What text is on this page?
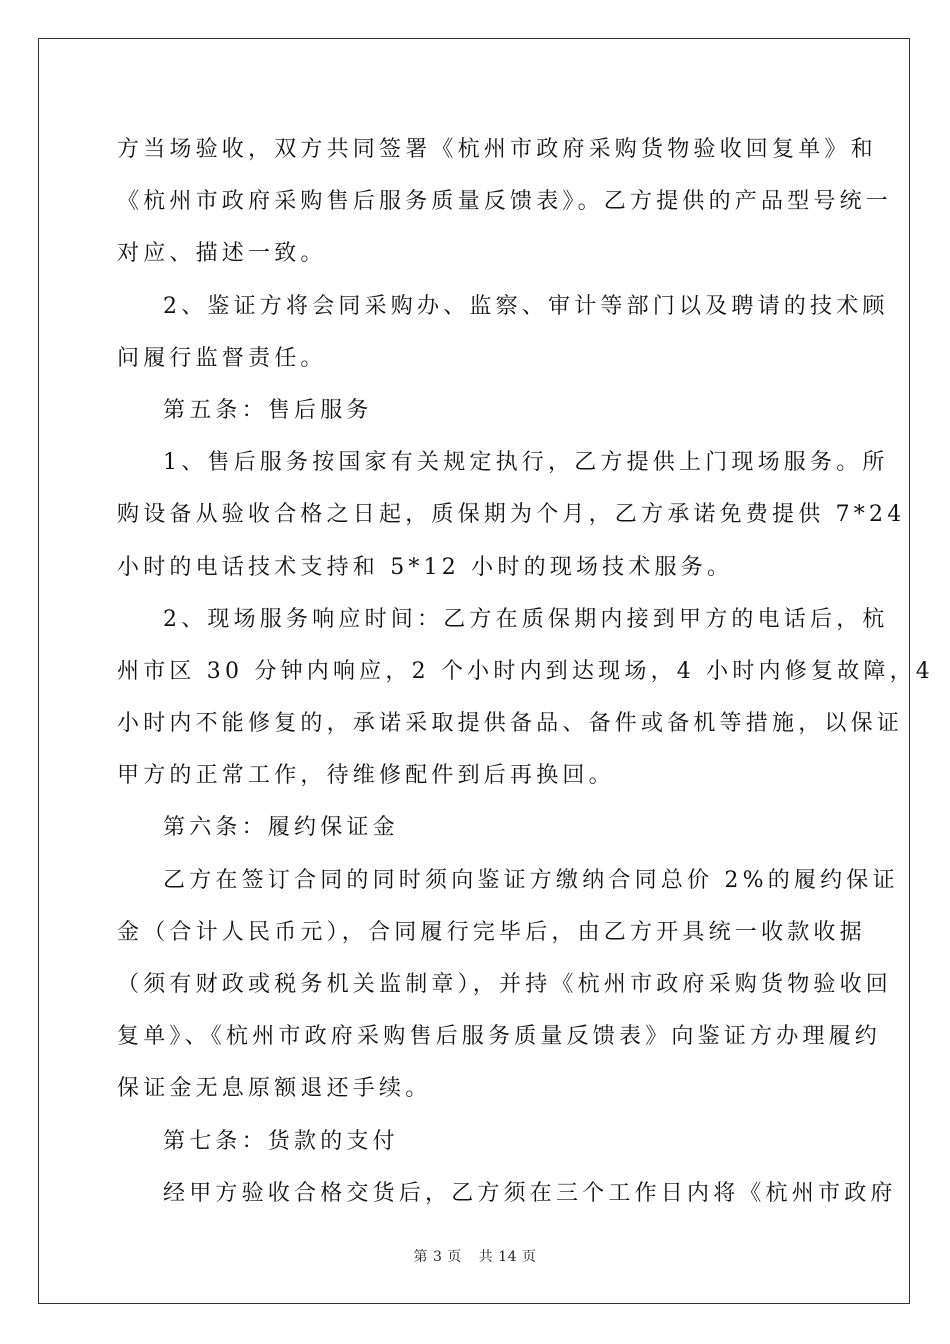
方当场验收，双方共同签署《杭州市政府采购货物验收回复单》和
《杭州市政府采购售后服务质量反馈表》。乙方提供的产品型号统一
对应、描述一致。
2、鉴证方将会同采购办、监察、审计等部门以及聘请的技术顾
问履行监督责任。
第五条：售后服务
1、售后服务按国家有关规定执行，乙方提供上门现场服务。所
购设备从验收合格之日起，质保期为个月，乙方承诺免费提供 7*24
小时的电话技术支持和 5*12 小时的现场技术服务。
2、现场服务响应时间：乙方在质保期内接到甲方的电话后，杭
州市区 30 分钟内响应，2 个小时内到达现场，4 小时内修复故障，4
小时内不能修复的，承诺采取提供备品、备件或备机等措施，以保证
甲方的正常工作，待维修配件到后再换回。
第六条：履约保证金
乙方在签订合同的同时须向鉴证方缴纳合同总价 2%的履约保证
金（合计人民币元），合同履行完毕后，由乙方开具统一收款收据
（须有财政或税务机关监制章），并持《杭州市政府采购货物验收回
复单》、《杭州市政府采购售后服务质量反馈表》向鉴证方办理履约
保证金无息原额退还手续。
第七条：货款的支付
经甲方验收合格交货后，乙方须在三个工作日内将《杭州市政府
第 3 页 共 14 页
